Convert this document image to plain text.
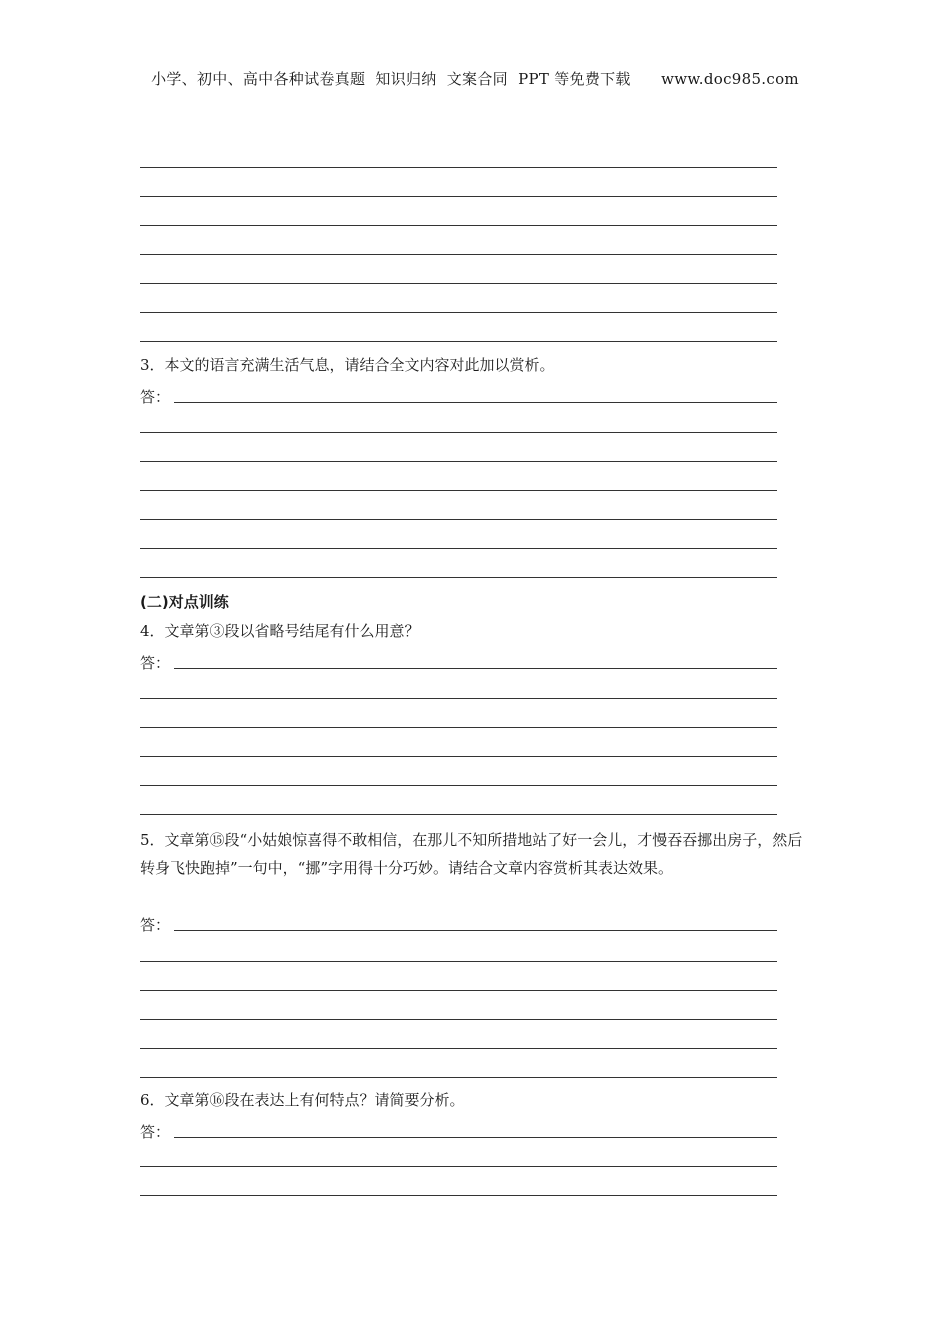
小学、初中、高中各种试卷真题  知识归纳  文案合同  PPT 等免费下载      www.doc985.com
3．本文的语言充满生活气息，请结合全文内容对此加以赏析。
答：
(二)对点训练
4．文章第③段以省略号结尾有什么用意？
答：
5．文章第⑮段“小姑娘惊喜得不敢相信，在那儿不知所措地站了好一会儿，才慢吞吞挪出房子，然后转身飞快跑掉”一句中，“挪”字用得十分巧妙。请结合文章内容赏析其表达效果。
答：
6．文章第⑯段在表达上有何特点？请简要分析。
答：
